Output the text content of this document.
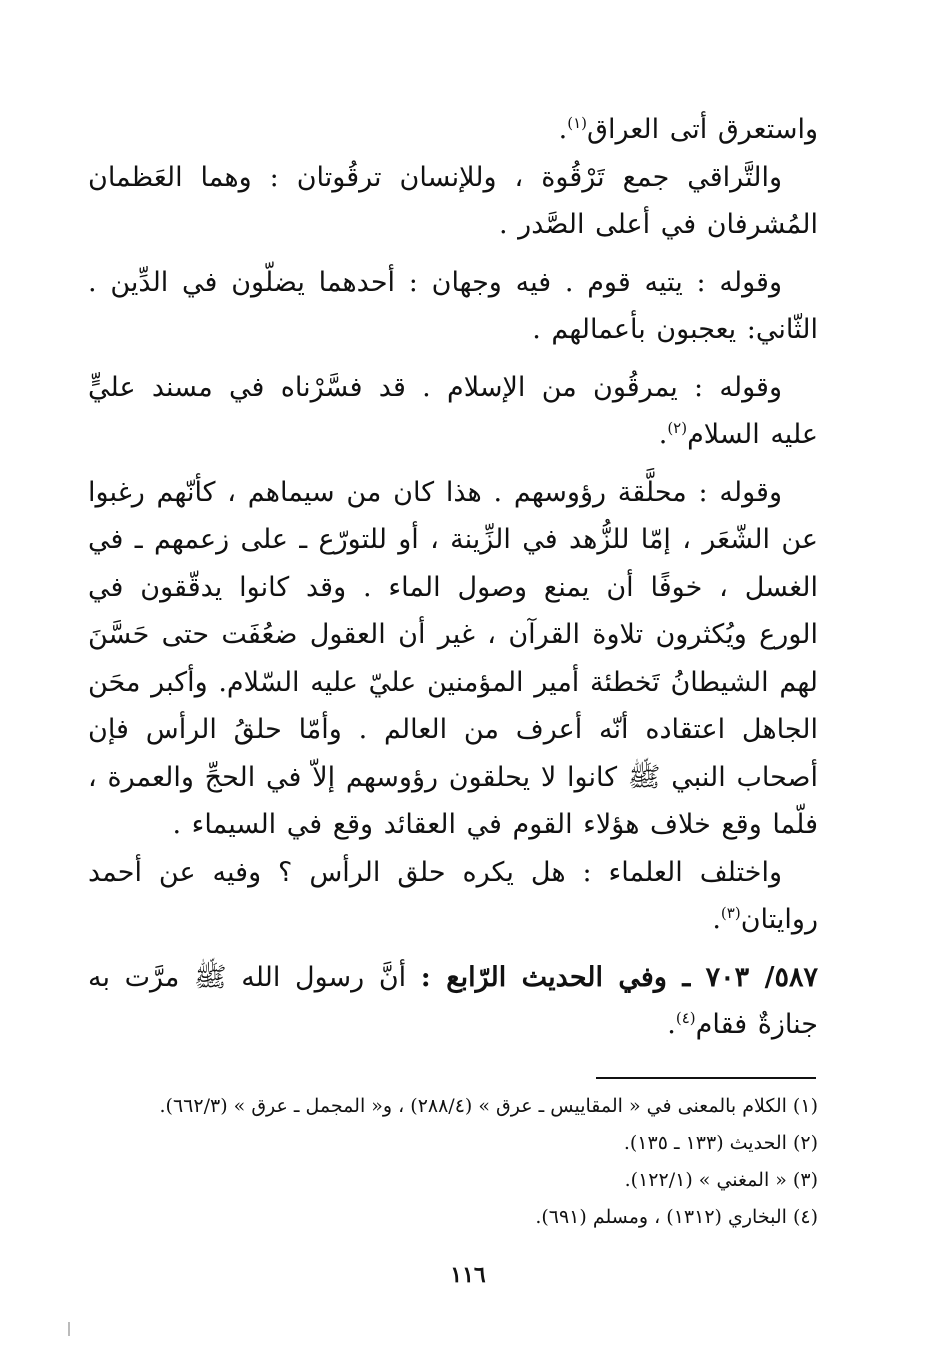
واستعرق أتى العراق$^{(١)}$.

والتَّراقي جمع تَرْقُوة ، وللإنسان ترقُوتان : وهما العَظمان المُشرفان في أعلى الصَّدر .

وقوله : يتيه قوم . فيه وجهان : أحدهما يضلّون في الدِّين . الثّاني: يعجبون بأعمالهم .

وقوله : يمرقُون من الإسلام . قد فسَّرْناه في مسند عليٍّ عليه السلام$^{(٢)}$.

وقوله : محلَّقة رؤوسهم . هذا كان من سيماهم ، كأنّهم رغبوا عن الشّعَر ، إمّا للزُّهد في الزِّينة ، أو للتورّع ـ على زعمهم ـ في الغسل ، خوفًا أن يمنع وصول الماء . وقد كانوا يدقّقون في الورع ويُكثرون تلاوة القرآن ، غير أن العقول ضعُفَت حتى حَسَّنَ لهم الشيطانُ تَخطئة أمير المؤمنين عليّ عليه السّلام. وأكبر محَن الجاهل اعتقاده أنّه أعرف من العالم . وأمّا حلقُ الرأس فإن أصحاب النبي ﷺ كانوا لا يحلقون رؤوسهم إلاّ في الحجِّ والعمرة ، فلّما وقع خلاف هؤلاء القوم في العقائد وقع في السيماء .

واختلف العلماء : هل يكره حلق الرأس ؟ وفيه عن أحمد روايتان$^{(٣)}$.

٥٨٧/ ٧٠٣ ـ وفي الحديث الرّابع : أنَّ رسول الله ﷺ مرَّت به جنازةٌ فقام$^{(٤)}$.

(١) الكلام بالمعنى في « المقاييس ـ عرق » (٢٨٨/٤) ، و« المجمل ـ عرق » (٦٦٢/٣).

(٢) الحديث (١٣٣ ـ ١٣٥).

(٣) « المغني » (١٢٢/١).

(٤) البخاري (١٣١٢) ، ومسلم (٦٩١).

١١٦
